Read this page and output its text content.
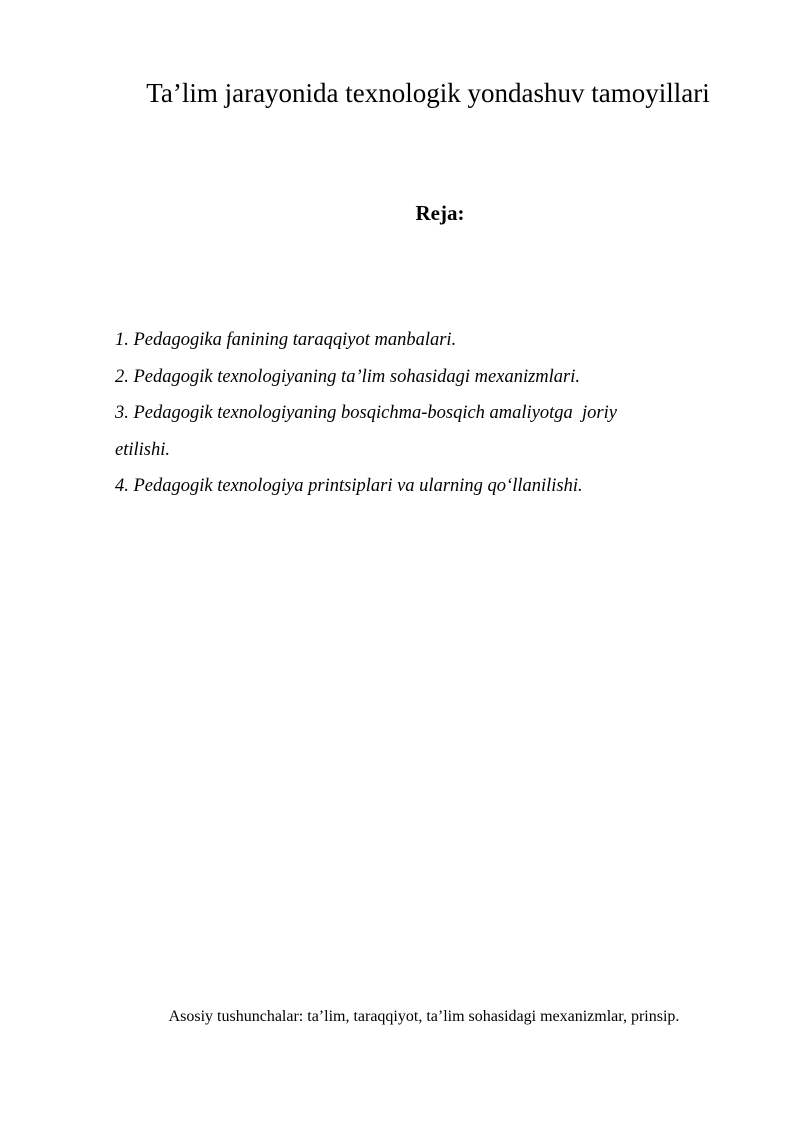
Ta’lim jarayonida texnologik yondashuv tamoyillari
Reja:
1. Pedagogika fanining taraqqiyot manbalari.
2. Pedagogik texnologiyaning ta’lim sohasidagi mexanizmlari.
3. Pedagogik texnologiyaning bosqichma-bosqich amaliyotga  joriy
etilishi.
4. Pedagogik texnologiya printsiplari va ularning qo‘llanilishi.

Asosiy tushunchalar: ta’lim, taraqqiyot, ta’lim sohasidagi mexanizmlar, prinsip.
